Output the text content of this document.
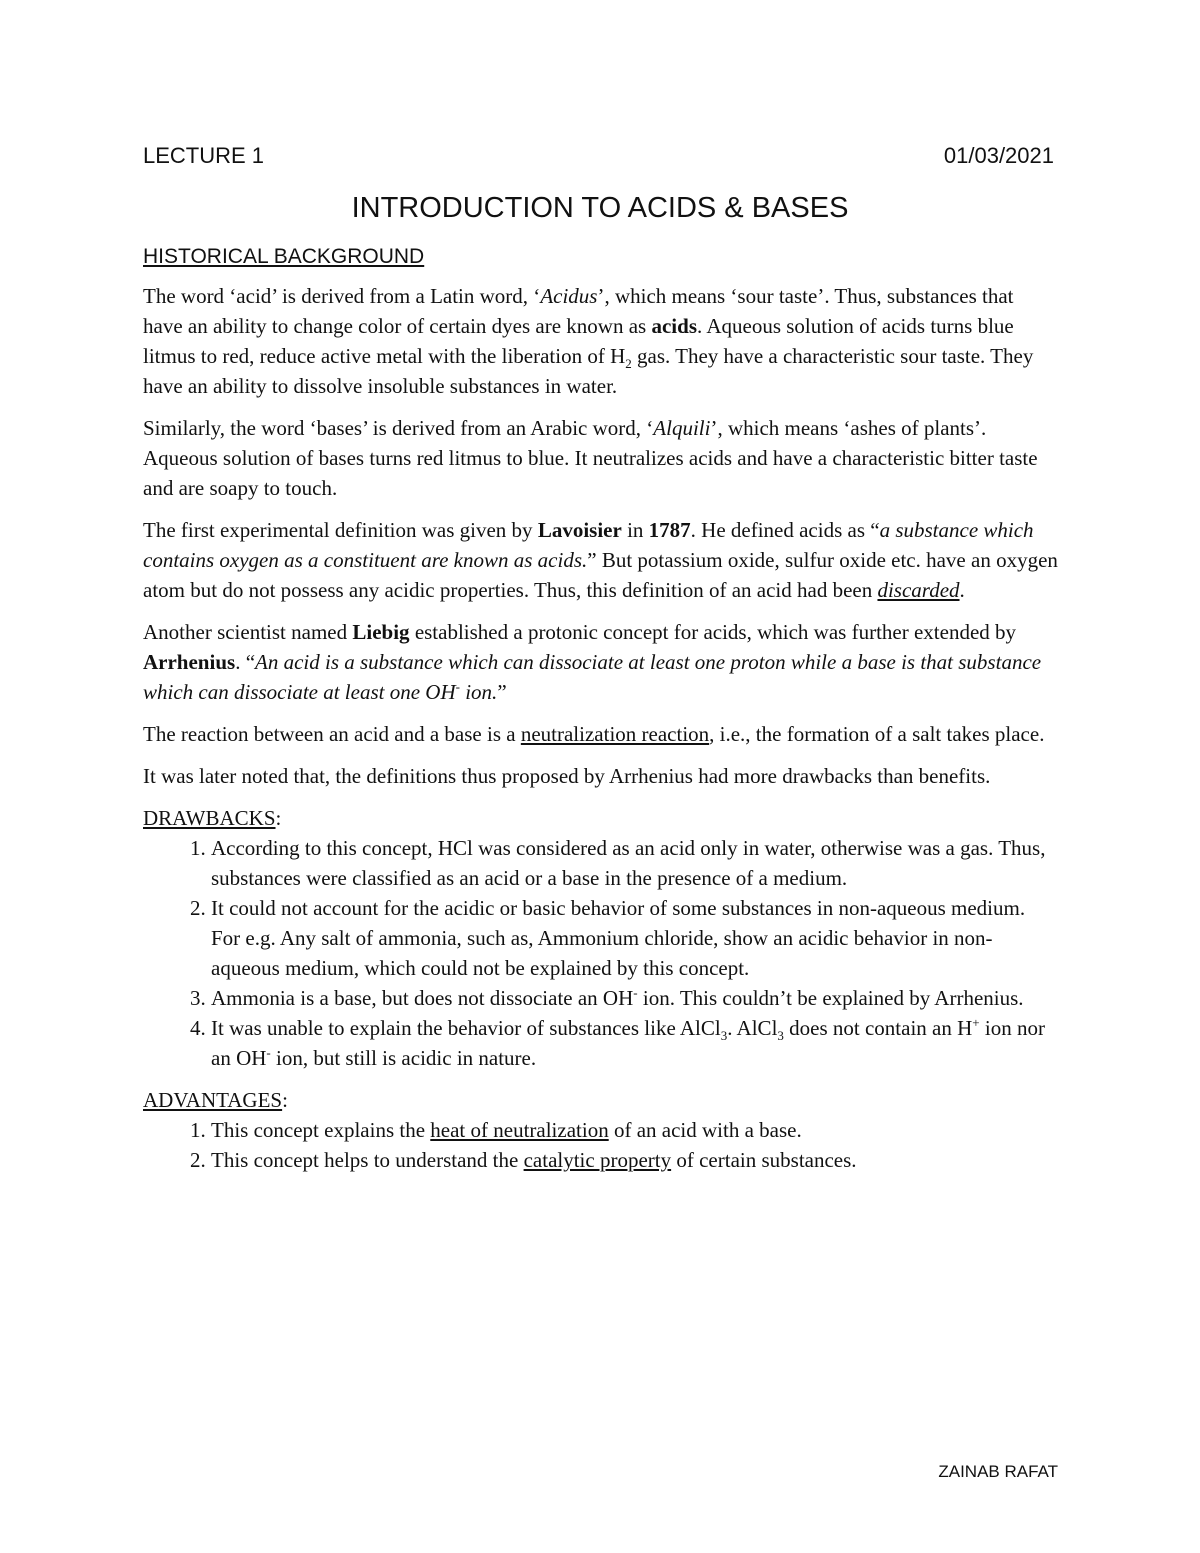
LECTURE 1	01/03/2021
INTRODUCTION TO ACIDS & BASES
HISTORICAL BACKGROUND

The word ‘acid’ is derived from a Latin word, ‘Acidus’, which means ‘sour taste’. Thus, substances that have an ability to change color of certain dyes are known as acids. Aqueous solution of acids turns blue litmus to red, reduce active metal with the liberation of $H_2$ gas. They have a characteristic sour taste. They have an ability to dissolve insoluble substances in water.

Similarly, the word ‘bases’ is derived from an Arabic word, ‘Alquili’, which means ‘ashes of plants’. Aqueous solution of bases turns red litmus to blue. It neutralizes acids and have a characteristic bitter taste and are soapy to touch.

The first experimental definition was given by Lavoisier in 1787. He defined acids as “a substance which contains oxygen as a constituent are known as acids.” But potassium oxide, sulfur oxide etc. have an oxygen atom but do not possess any acidic properties. Thus, this definition of an acid had been discarded.

Another scientist named Liebig established a protonic concept for acids, which was further extended by Arrhenius. “An acid is a substance which can dissociate at least one proton while a base is that substance which can dissociate at least one OH- ion.”

The reaction between an acid and a base is a neutralization reaction, i.e., the formation of a salt takes place.

It was later noted that, the definitions thus proposed by Arrhenius had more drawbacks than benefits.

DRAWBACKS:
1. According to this concept, HCl was considered as an acid only in water, otherwise was a gas. Thus, substances were classified as an acid or a base in the presence of a medium.
2. It could not account for the acidic or basic behavior of some substances in non-aqueous medium. For e.g. Any salt of ammonia, such as, Ammonium chloride, show an acidic behavior in non-aqueous medium, which could not be explained by this concept.
3. Ammonia is a base, but does not dissociate an OH- ion. This couldn’t be explained by Arrhenius.
4. It was unable to explain the behavior of substances like AlCl$_3$. AlCl$_3$ does not contain an H+ ion nor an OH- ion, but still is acidic in nature.
ADVANTAGES:
1. This concept explains the heat of neutralization of an acid with a base.
2. This concept helps to understand the catalytic property of certain substances.
ZAINAB RAFAT
